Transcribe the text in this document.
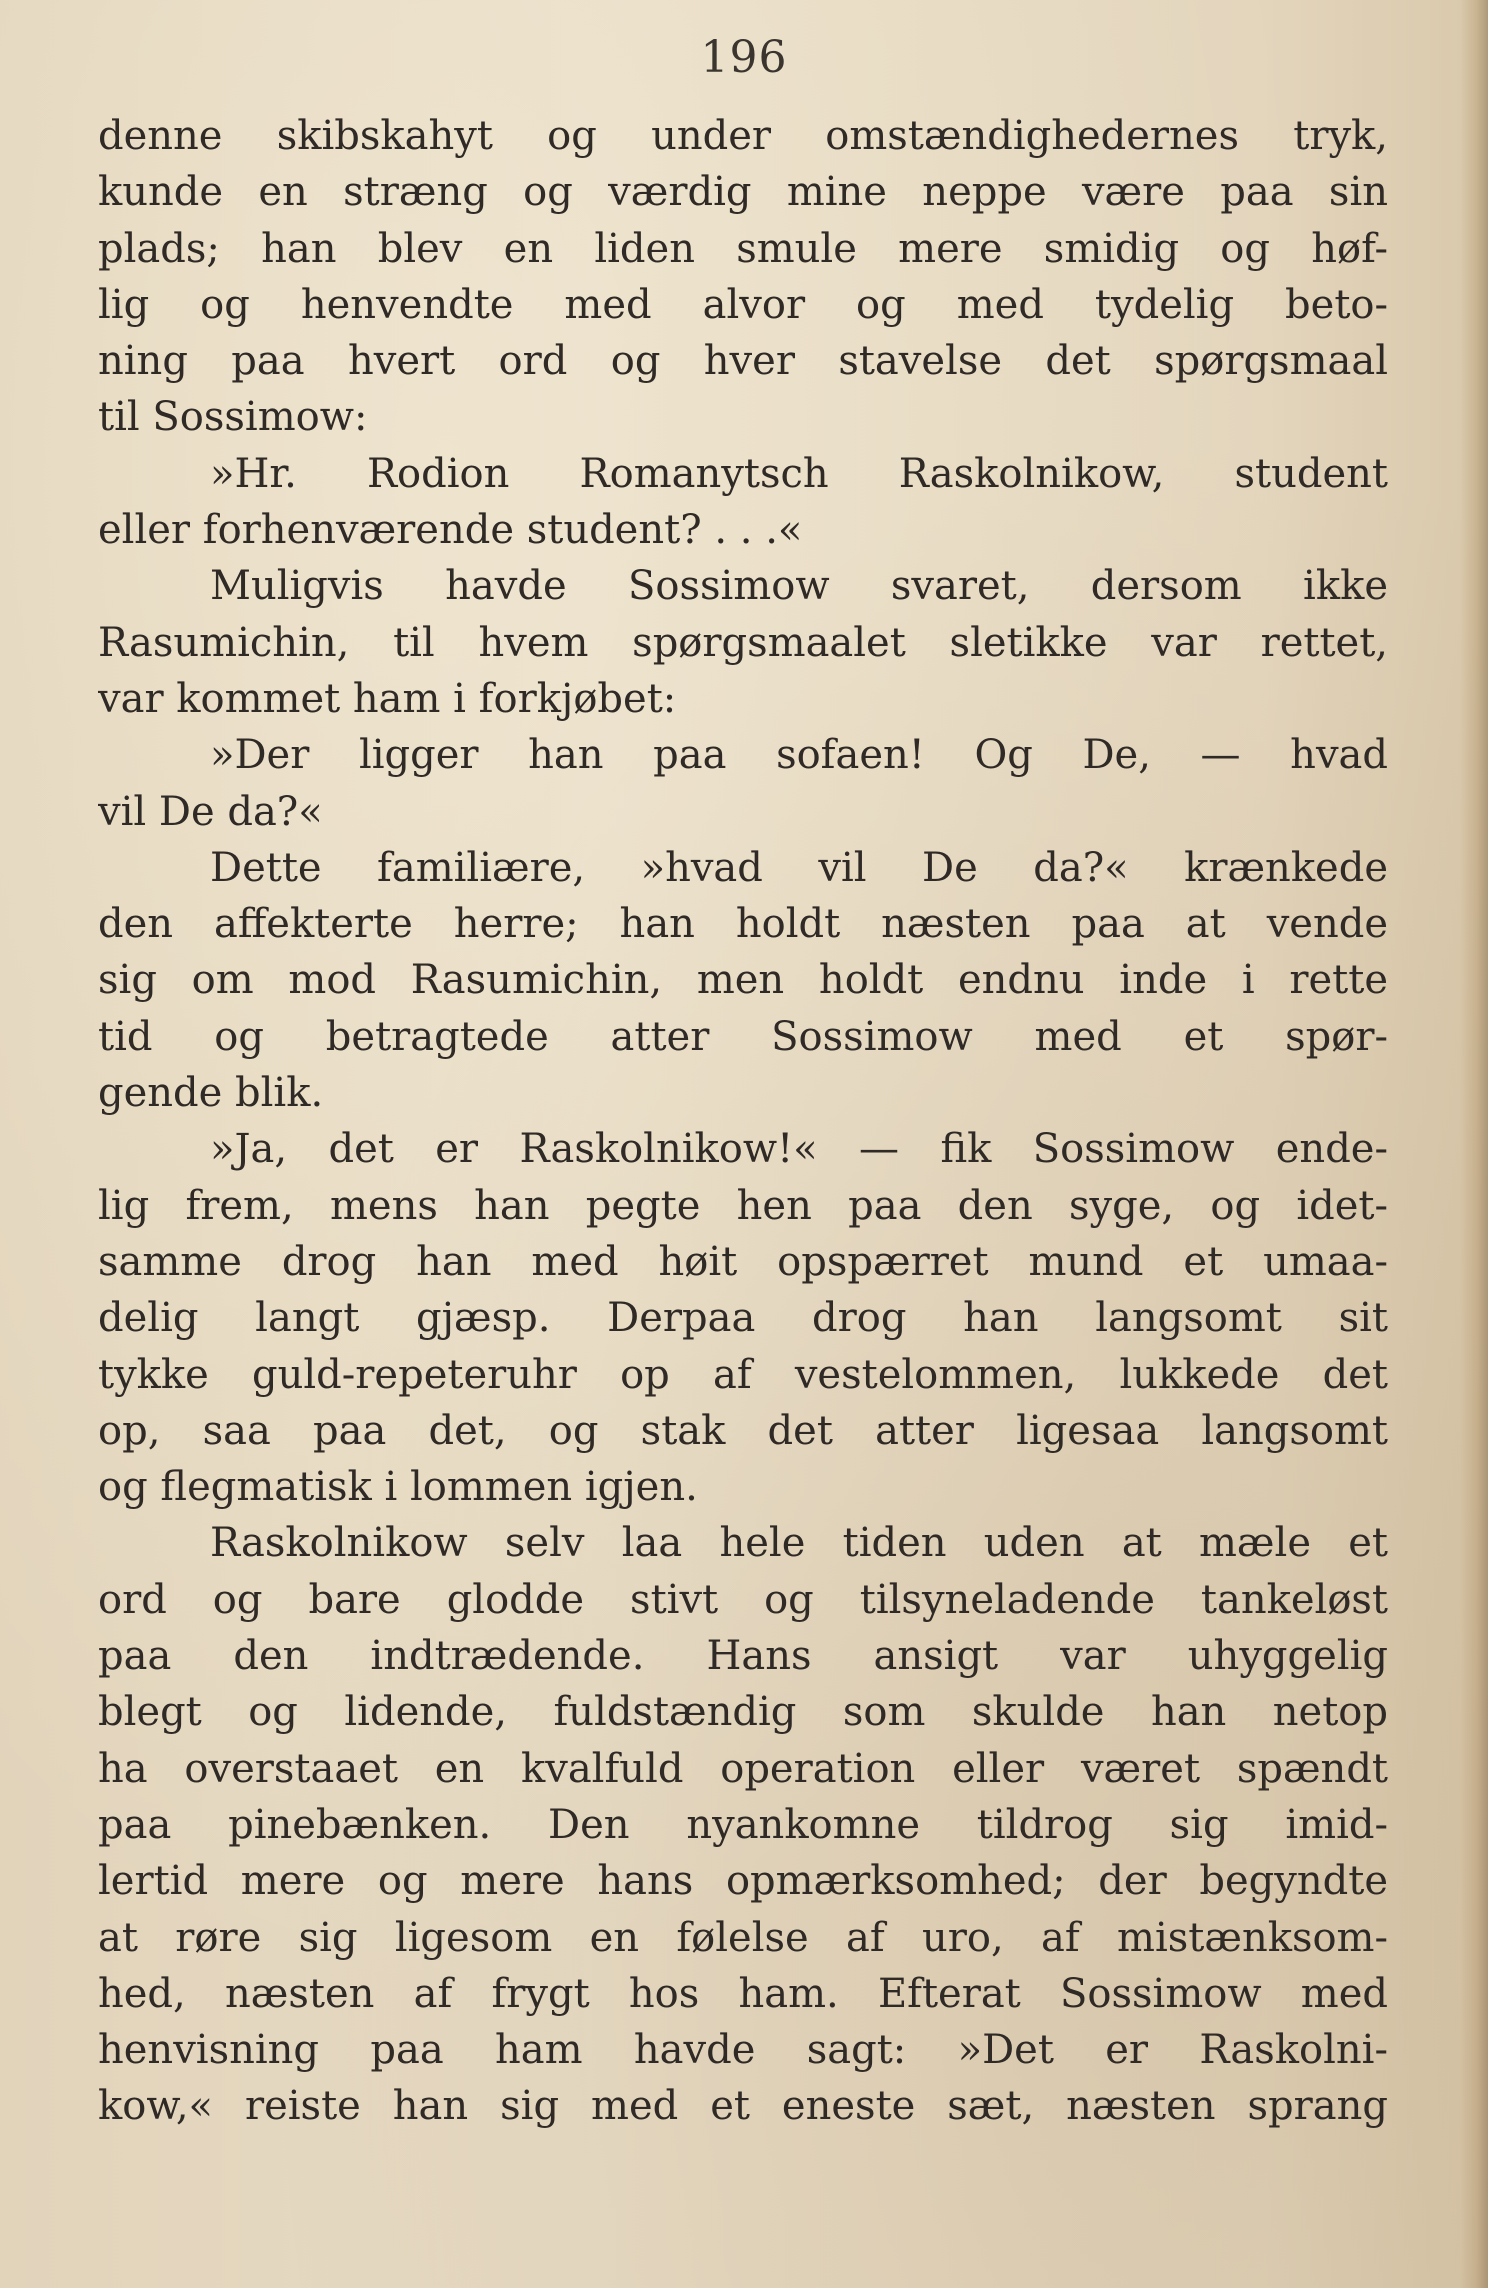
196
denne skibskahyt og under omstændighedernes tryk,
kunde en stræng og værdig mine neppe være paa sin
plads; han blev en liden smule mere smidig og høf-
lig og henvendte med alvor og med tydelig beto-
ning paa hvert ord og hver stavelse det spørgsmaal
til Sossimow:
»Hr. Rodion Romanytsch Raskolnikow, student
eller forhenværende student? . . .«
Muligvis havde Sossimow svaret, dersom ikke
Rasumichin, til hvem spørgsmaalet sletikke var rettet,
var kommet ham i forkjøbet:
»Der ligger han paa sofaen! Og De, — hvad
vil De da?«
Dette familiære, »hvad vil De da?« krænkede
den affekterte herre; han holdt næsten paa at vende
sig om mod Rasumichin, men holdt endnu inde i rette
tid og betragtede atter Sossimow med et spør-
gende blik.
»Ja, det er Raskolnikow!« — fik Sossimow ende-
lig frem, mens han pegte hen paa den syge, og idet-
samme drog han med høit opspærret mund et umaa-
delig langt gjæsp. Derpaa drog han langsomt sit
tykke guld-repeteruhr op af vestelommen, lukkede det
op, saa paa det, og stak det atter ligesaa langsomt
og flegmatisk i lommen igjen.
Raskolnikow selv laa hele tiden uden at mæle et
ord og bare glodde stivt og tilsyneladende tankeløst
paa den indtrædende. Hans ansigt var uhyggelig
blegt og lidende, fuldstændig som skulde han netop
ha overstaaet en kvalfuld operation eller været spændt
paa pinebænken. Den nyankomne tildrog sig imid-
lertid mere og mere hans opmærksomhed; der begyndte
at røre sig ligesom en følelse af uro, af mistænksom-
hed, næsten af frygt hos ham. Efterat Sossimow med
henvisning paa ham havde sagt: »Det er Raskolni-
kow,« reiste han sig med et eneste sæt, næsten sprang
